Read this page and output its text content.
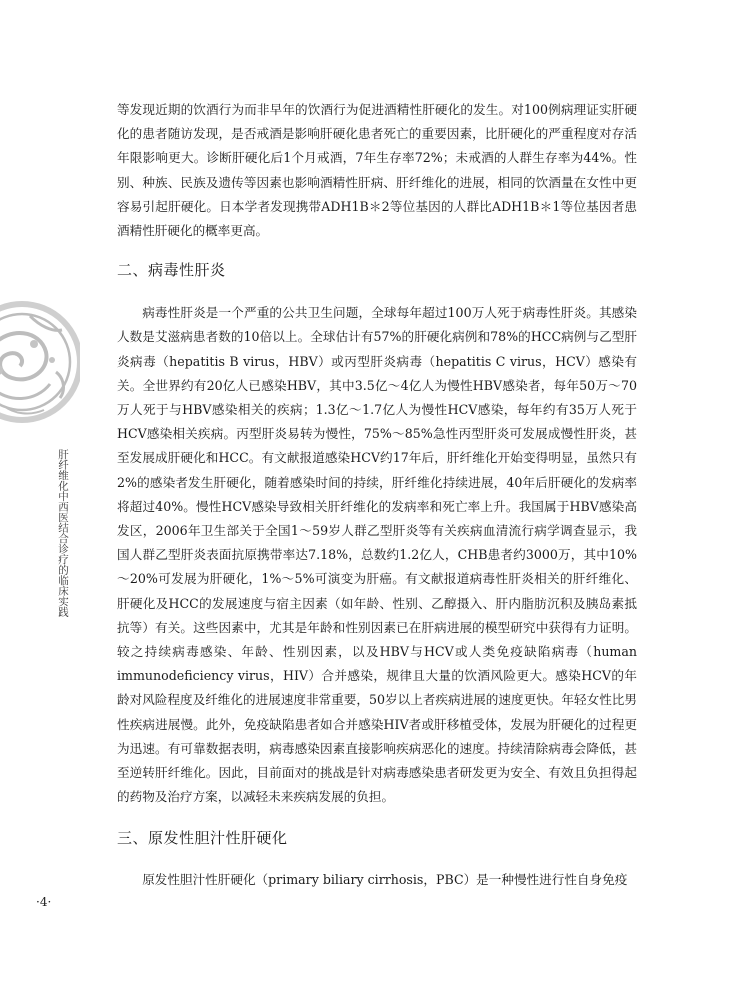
肝纤维化中西医结合诊疗的临床实践

等发现近期的饮酒行为而非早年的饮酒行为促进酒精性肝硬化的发生。对100例病理证实肝硬化的患者随访发现，是否戒酒是影响肝硬化患者死亡的重要因素，比肝硬化的严重程度对存活年限影响更大。诊断肝硬化后1个月戒酒，7年生存率72%；未戒酒的人群生存率为44%。性别、种族、民族及遗传等因素也影响酒精性肝病、肝纤维化的进展，相同的饮酒量在女性中更容易引起肝硬化。日本学者发现携带ADH1B＊2等位基因的人群比ADH1B＊1等位基因者患酒精性肝硬化的概率更高。

二、病毒性肝炎

病毒性肝炎是一个严重的公共卫生问题，全球每年超过100万人死于病毒性肝炎。其感染人数是艾滋病患者数的10倍以上。全球估计有57%的肝硬化病例和78%的HCC病例与乙型肝炎病毒（hepatitis B virus，HBV）或丙型肝炎病毒（hepatitis C virus，HCV）感染有关。全世界约有20亿人已感染HBV，其中3.5亿～4亿人为慢性HBV感染者，每年50万～70万人死于与HBV感染相关的疾病；1.3亿～1.7亿人为慢性HCV感染，每年约有35万人死于HCV感染相关疾病。丙型肝炎易转为慢性，75%～85%急性丙型肝炎可发展成慢性肝炎，甚至发展成肝硬化和HCC。有文献报道感染HCV约17年后，肝纤维化开始变得明显，虽然只有2%的感染者发生肝硬化，随着感染时间的持续，肝纤维化持续进展，40年后肝硬化的发病率将超过40%。慢性HCV感染导致相关肝纤维化的发病率和死亡率上升。我国属于HBV感染高发区，2006年卫生部关于全国1～59岁人群乙型肝炎等有关疾病血清流行病学调查显示，我国人群乙型肝炎表面抗原携带率达7.18%，总数约1.2亿人，CHB患者约3000万，其中10%～20%可发展为肝硬化，1%～5%可演变为肝癌。有文献报道病毒性肝炎相关的肝纤维化、肝硬化及HCC的发展速度与宿主因素（如年龄、性别、乙醇摄入、肝内脂肪沉积及胰岛素抵抗等）有关。这些因素中，尤其是年龄和性别因素已在肝病进展的模型研究中获得有力证明。较之持续病毒感染、年龄、性别因素，以及HBV与HCV或人类免疫缺陷病毒（human immunodeficiency virus，HIV）合并感染，规律且大量的饮酒风险更大。感染HCV的年龄对风险程度及纤维化的进展速度非常重要，50岁以上者疾病进展的速度更快。年轻女性比男性疾病进展慢。此外，免疫缺陷患者如合并感染HIV者或肝移植受体，发展为肝硬化的过程更为迅速。有可靠数据表明，病毒感染因素直接影响疾病恶化的速度。持续清除病毒会降低，甚至逆转肝纤维化。因此，目前面对的挑战是针对病毒感染患者研发更为安全、有效且负担得起的药物及治疗方案，以减轻未来疾病发展的负担。

三、原发性胆汁性肝硬化

原发性胆汁性肝硬化（primary biliary cirrhosis，PBC）是一种慢性进行性自身免疫

·4·
